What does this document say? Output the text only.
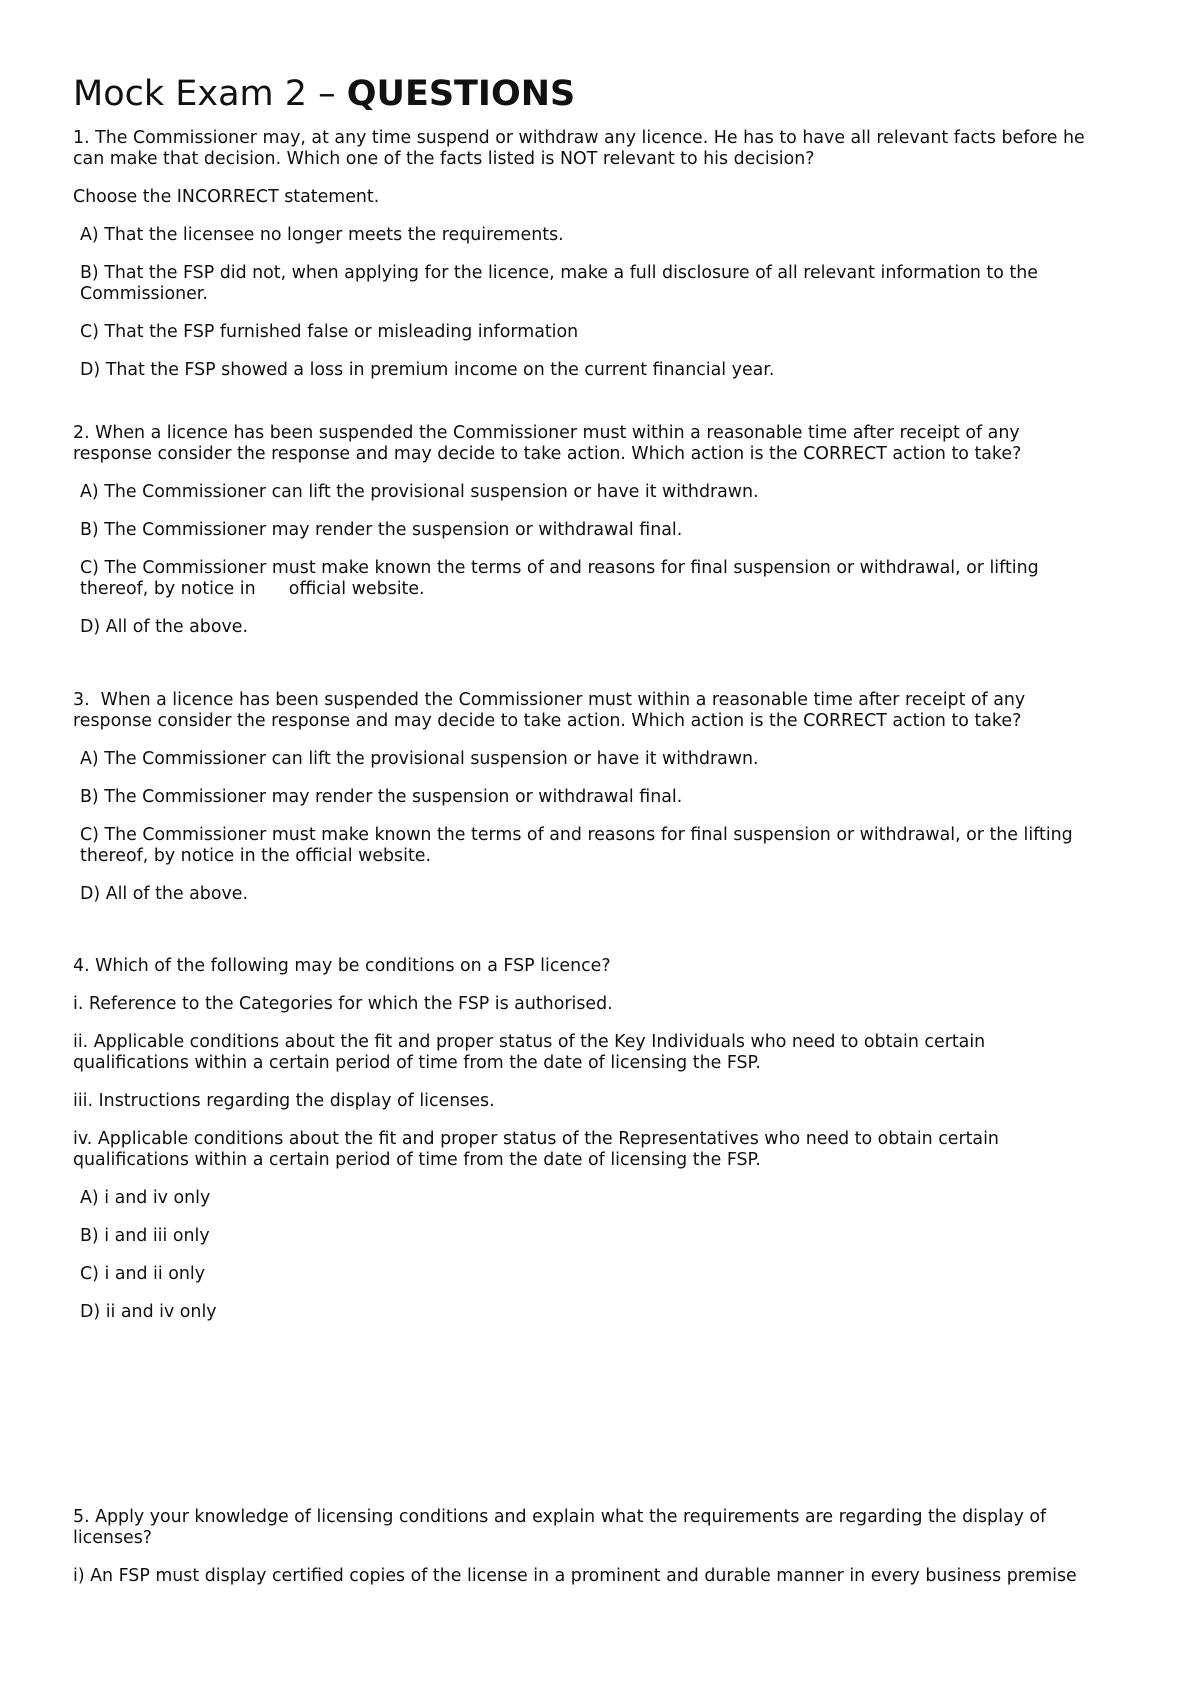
Mock Exam 2 – QUESTIONS

1. The Commissioner may, at any time suspend or withdraw any licence. He has to have all relevant facts before he can make that decision. Which one of the facts listed is NOT relevant to his decision?

Choose the INCORRECT statement.

A) That the licensee no longer meets the requirements.

B) That the FSP did not, when applying for the licence, make a full disclosure of all relevant information to the Commissioner.

C) That the FSP furnished false or misleading information

D) That the FSP showed a loss in premium income on the current financial year.

2. When a licence has been suspended the Commissioner must within a reasonable time after receipt of any response consider the response and may decide to take action. Which action is the CORRECT action to take?

A) The Commissioner can lift the provisional suspension or have it withdrawn.

B) The Commissioner may render the suspension or withdrawal final.

C) The Commissioner must make known the terms of and reasons for final suspension or withdrawal, or lifting thereof, by notice in      official website.

D) All of the above.

3.  When a licence has been suspended the Commissioner must within a reasonable time after receipt of any response consider the response and may decide to take action. Which action is the CORRECT action to take?

A) The Commissioner can lift the provisional suspension or have it withdrawn.

B) The Commissioner may render the suspension or withdrawal final.

C) The Commissioner must make known the terms of and reasons for final suspension or withdrawal, or the lifting thereof, by notice in the official website.

D) All of the above.

4. Which of the following may be conditions on a FSP licence?

i. Reference to the Categories for which the FSP is authorised.

ii. Applicable conditions about the fit and proper status of the Key Individuals who need to obtain certain qualifications within a certain period of time from the date of licensing the FSP.

iii. Instructions regarding the display of licenses.

iv. Applicable conditions about the fit and proper status of the Representatives who need to obtain certain qualifications within a certain period of time from the date of licensing the FSP.

A) i and iv only

B) i and iii only

C) i and ii only

D) ii and iv only

5. Apply your knowledge of licensing conditions and explain what the requirements are regarding the display of licenses?

i) An FSP must display certified copies of the license in a prominent and durable manner in every business premise
